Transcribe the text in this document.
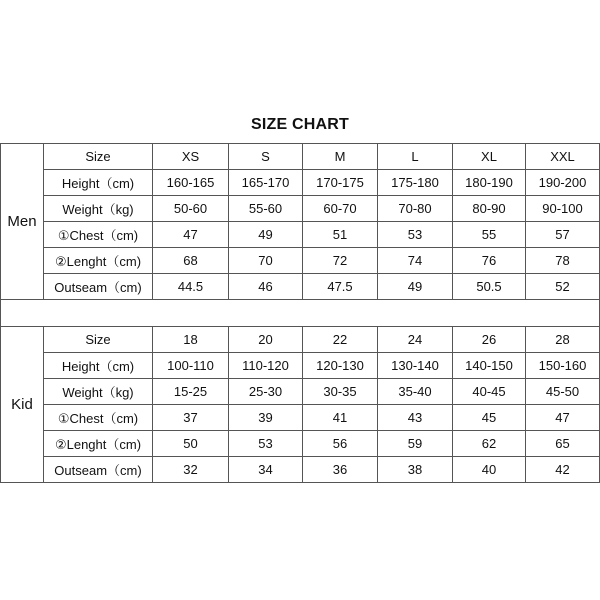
SIZE CHART
Men	Size	XS	S	M	L	XL	XXL
	Height（cm)	160-165	165-170	170-175	175-180	180-190	190-200
	Weight（kg)	50-60	55-60	60-70	70-80	80-90	90-100
	①Chest（cm)	47	49	51	53	55	57
	②Lenght（cm)	68	70	72	74	76	78
	Outseam（cm)	44.5	46	47.5	49	50.5	52

Kid	Size	18	20	22	24	26	28
	Height（cm)	100-110	110-120	120-130	130-140	140-150	150-160
	Weight（kg)	15-25	25-30	30-35	35-40	40-45	45-50
	①Chest（cm)	37	39	41	43	45	47
	②Lenght（cm)	50	53	56	59	62	65
	Outseam（cm)	32	34	36	38	40	42
